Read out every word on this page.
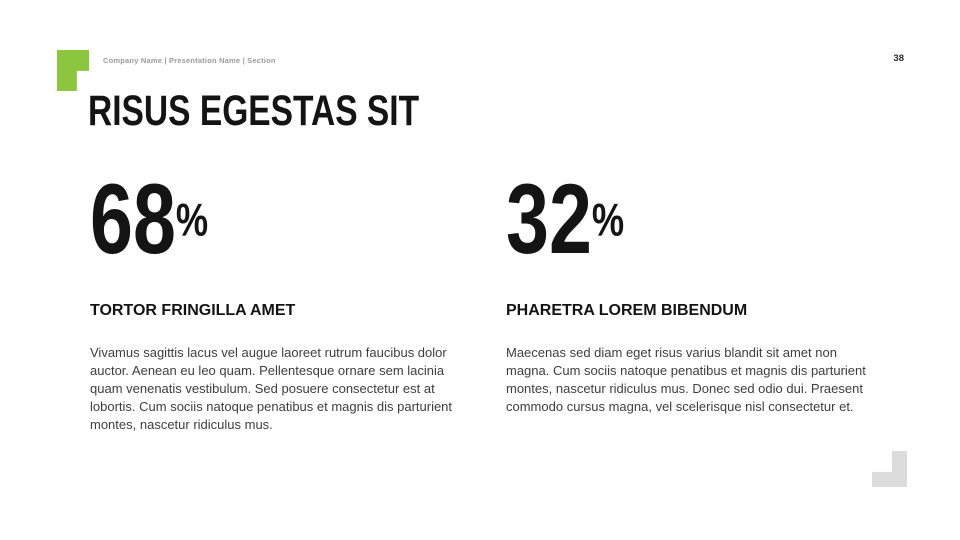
Company Name | Presentation Name | Section	38
RISUS EGESTAS SIT
68%
TORTOR FRINGILLA AMET

Vivamus sagittis lacus vel augue laoreet rutrum faucibus dolor auctor. Aenean eu leo quam. Pellentesque ornare sem lacinia quam venenatis vestibulum. Sed posuere consectetur est at lobortis. Cum sociis natoque penatibus et magnis dis parturient montes, nascetur ridiculus mus.

32%
PHARETRA LOREM BIBENDUM

Maecenas sed diam eget risus varius blandit sit amet non magna. Cum sociis natoque penatibus et magnis dis parturient montes, nascetur ridiculus mus. Donec sed odio dui. Praesent commodo cursus magna, vel scelerisque nisl consectetur et.
